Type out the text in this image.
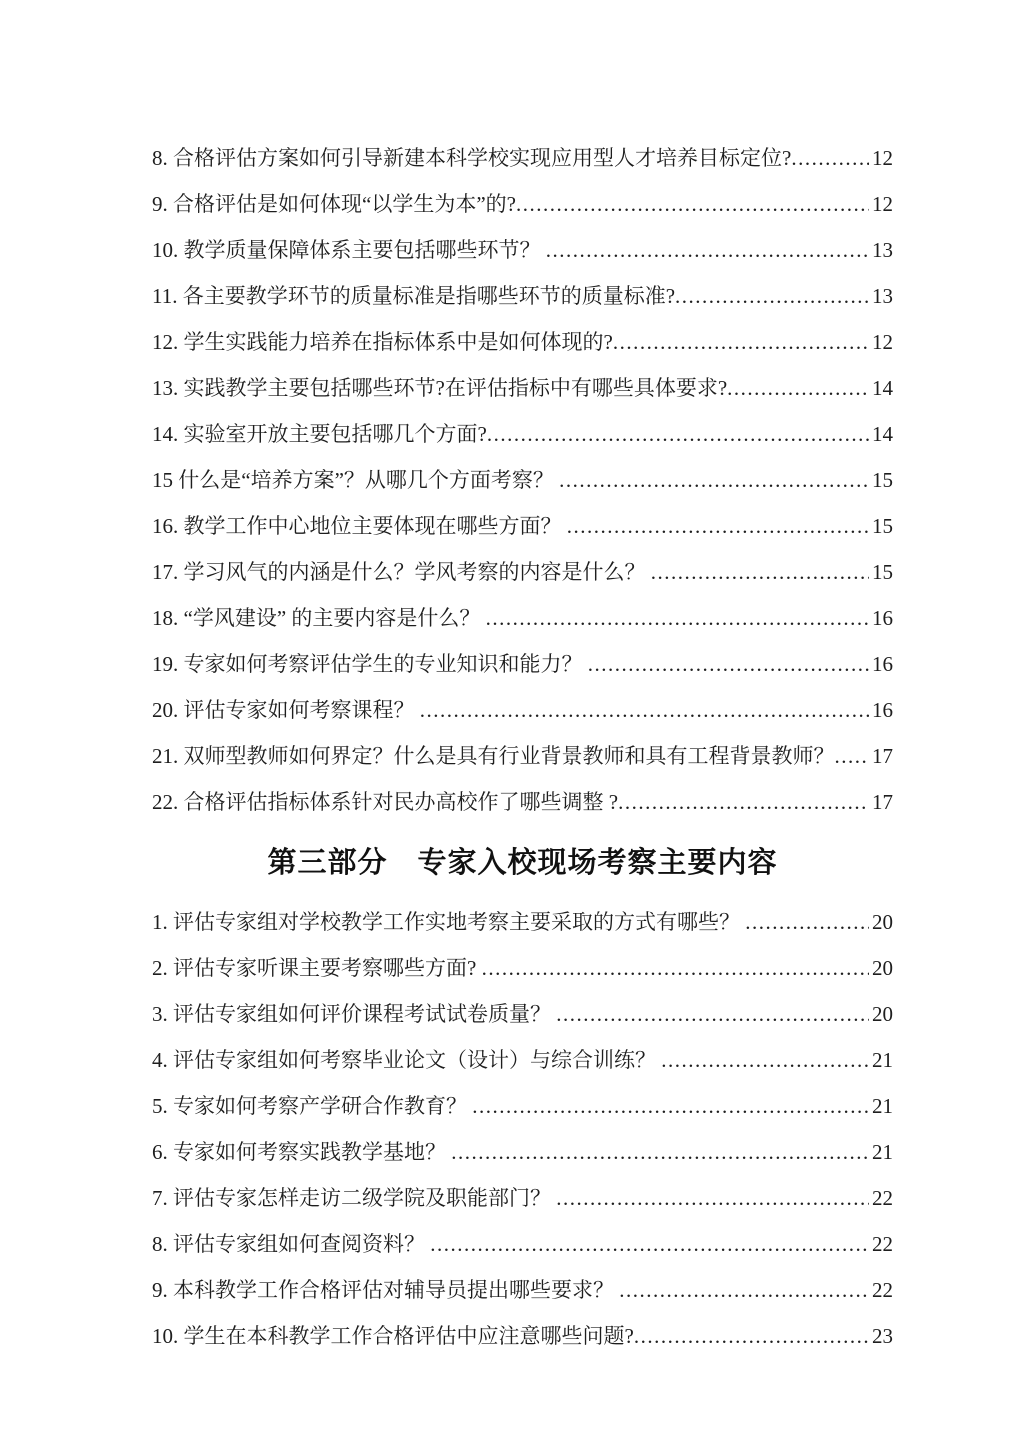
8. 合格评估方案如何引导新建本科学校实现应用型人才培养目标定位? .....	12
9. 合格评估是如何体现“以学生为本”的? .....	12
10. 教学质量保障体系主要包括哪些环节？ .....	13
11. 各主要教学环节的质量标准是指哪些环节的质量标准? .....	13
12. 学生实践能力培养在指标体系中是如何体现的? .....	12
13. 实践教学主要包括哪些环节?在评估指标中有哪些具体要求? .....	14
14. 实验室开放主要包括哪几个方面? .....	14
15 什么是“培养方案”？从哪几个方面考察？ .....	15
16. 教学工作中心地位主要体现在哪些方面？ .....	15
17. 学习风气的内涵是什么？学风考察的内容是什么？ .....	15
18. “学风建设” 的主要内容是什么？ .....	16
19. 专家如何考察评估学生的专业知识和能力？ .....	16
20. 评估专家如何考察课程？ .....	16
21. 双师型教师如何界定？什么是具有行业背景教师和具有工程背景教师？ ..... 17
22. 合格评估指标体系针对民办高校作了哪些调整 ? .....	17
第三部分　专家入校现场考察主要内容
1. 评估专家组对学校教学工作实地考察主要采取的方式有哪些？ .....	20
2. 评估专家听课主要考察哪些方面? .....	20
3. 评估专家组如何评价课程考试试卷质量？ .....	20
4. 评估专家组如何考察毕业论文（设计）与综合训练？ .....	21
5. 专家如何考察产学研合作教育？ .....	21
6. 专家如何考察实践教学基地？ .....	21
7. 评估专家怎样走访二级学院及职能部门？ .....	22
8. 评估专家组如何查阅资料？ .....	22
9. 本科教学工作合格评估对辅导员提出哪些要求？ .....	22
10. 学生在本科教学工作合格评估中应注意哪些问题? .....	23
